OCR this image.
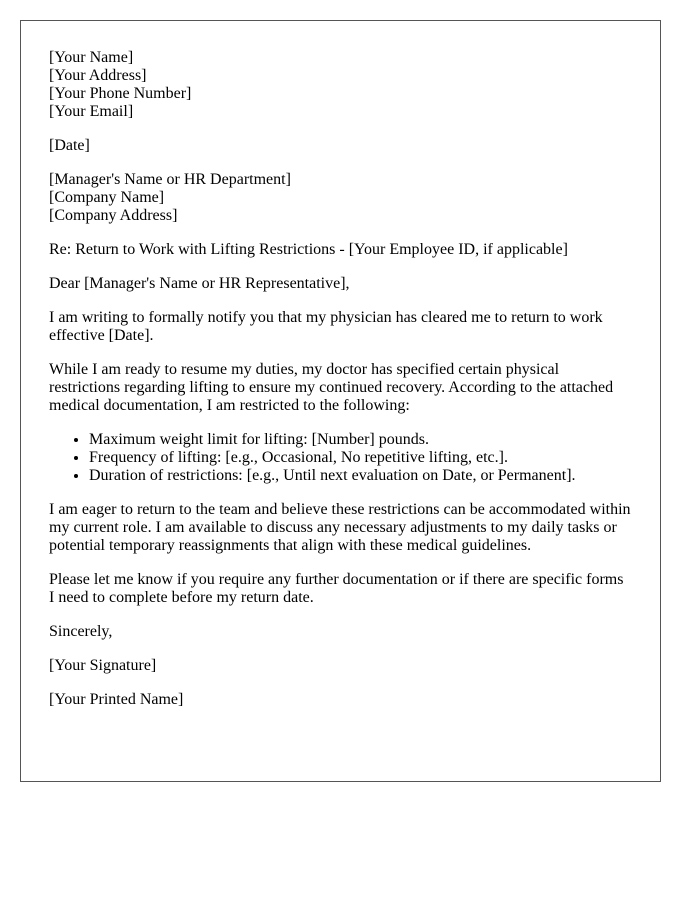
[Your Name]
[Your Address]
[Your Phone Number]
[Your Email]

[Date]

[Manager's Name or HR Department]
[Company Name]
[Company Address]

Re: Return to Work with Lifting Restrictions - [Your Employee ID, if applicable]

Dear [Manager's Name or HR Representative],

I am writing to formally notify you that my physician has cleared me to return to work effective [Date].

While I am ready to resume my duties, my doctor has specified certain physical restrictions regarding lifting to ensure my continued recovery. According to the attached medical documentation, I am restricted to the following:

• Maximum weight limit for lifting: [Number] pounds.
• Frequency of lifting: [e.g., Occasional, No repetitive lifting, etc.].
• Duration of restrictions: [e.g., Until next evaluation on Date, or Permanent].

I am eager to return to the team and believe these restrictions can be accommodated within my current role. I am available to discuss any necessary adjustments to my daily tasks or potential temporary reassignments that align with these medical guidelines.

Please let me know if you require any further documentation or if there are specific forms I need to complete before my return date.

Sincerely,

[Your Signature]

[Your Printed Name]
